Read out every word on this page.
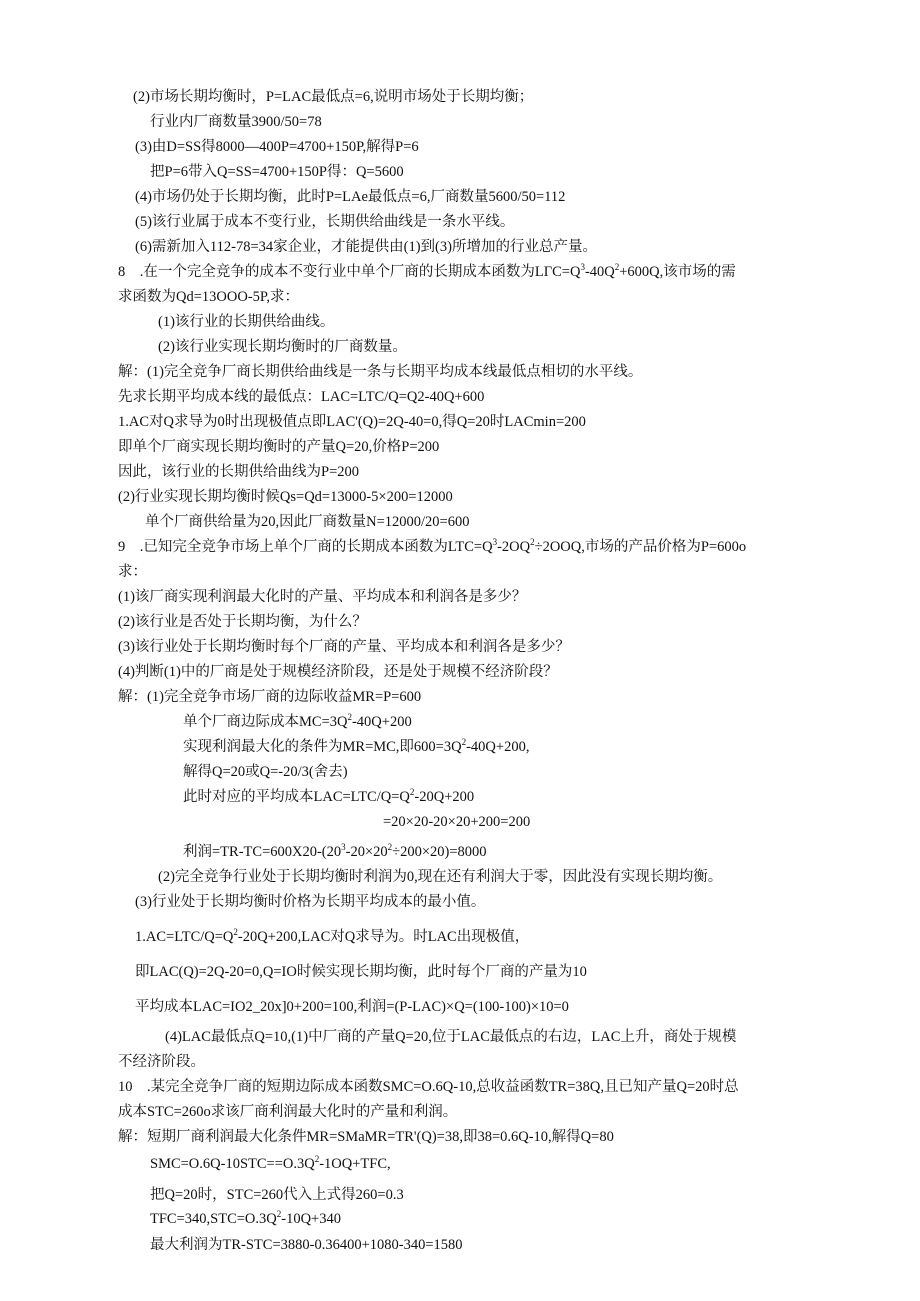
(2)市场长期均衡时，P=LAC最低点=6,说明市场处于长期均衡；
行业内厂商数量3900/50=78
(3)由D=SS得8000—400P=4700+150P,解得P=6
把P=6带入Q=SS=4700+150P得：Q=5600
(4)市场仍处于长期均衡，此时P=LAe最低点=6,厂商数量5600/50=112
(5)该行业属于成本不变行业，长期供给曲线是一条水平线。
(6)需新加入112-78=34家企业，才能提供由(1)到(3)所增加的行业总产量。
8　.在一个完全竞争的成本不变行业中单个厂商的长期成本函数为$L\Gamma C=Q^3-40Q^2+600Q$,该市场的需
求函数为Qd=13OOO-5P,求：
(1)该行业的长期供给曲线。
(2)该行业实现长期均衡时的厂商数量。
解：(1)完全竞争厂商长期供给曲线是一条与长期平均成本线最低点相切的水平线。
先求长期平均成本线的最低点：LAC=LTC/Q=Q2-40Q+600
1.AC对Q求导为0时出现极值点即LAC'(Q)=2Q-40=0,得Q=20时LACmin=200
即单个厂商实现长期均衡时的产量Q=20,价格P=200
因此，该行业的长期供给曲线为P=200
(2)行业实现长期均衡时候Qs=Qd=13000-5×200=12000
单个厂商供给量为20,因此厂商数量N=12000/20=600
9　.已知完全竞争市场上单个厂商的长期成本函数为$LTC=Q^3-2OQ^2\div 2OOQ$,市场的产品价格为P=600o
求：
(1)该厂商实现利润最大化时的产量、平均成本和利润各是多少？
(2)该行业是否处于长期均衡，为什么？
(3)该行业处于长期均衡时每个厂商的产量、平均成本和利润各是多少？
(4)判断(1)中的厂商是处于规模经济阶段，还是处于规模不经济阶段？
解：(1)完全竞争市场厂商的边际收益MR=P=600
单个厂商边际成本$MC=3Q^2-40Q+200$
实现利润最大化的条件为MR=MC,即$600=3Q^2-40Q+200$,
解得Q=20或Q=-20/3(舍去)
此时对应的平均成本$LAC=LTC/Q=Q^2-20Q+200$
=20×20-20×20+200=200
利润$=TR-TC=600X20-(20^3-20\times 20^2\div 200\times 20)=8000$
(2)完全竞争行业处于长期均衡时利润为0,现在还有利润大于零，因此没有实现长期均衡。
(3)行业处于长期均衡时价格为长期平均成本的最小值。
$1.AC=LTC/Q=Q^2-20Q+200,LAC$对Q求导为。时LAC出现极值，
即LAC(Q)=2Q-20=0,Q=IO时候实现长期均衡，此时每个厂商的产量为10
平均成本LAC=IO2_20x]0+200=100,利润=(P-LAC)×Q=(100-100)×10=0
(4)LAC最低点Q=10,(1)中厂商的产量Q=20,位于LAC最低点的右边，LAC上升，商处于规模
不经济阶段。
10　.某完全竞争厂商的短期边际成本函数SMC=O.6Q-10,总收益函数TR=38Q,且已知产量Q=20时总
成本STC=260o求该厂商利润最大化时的产量和利润。
解：短期厂商利润最大化条件MR=SMaMR=TR'(Q)=38,即38=0.6Q-10,解得Q=80
$SMC=O.6Q-10STC==O.3Q^2-1OQ+TFC$,
把Q=20时，STC=260代入上式得260=0.3
$TFC=340,STC=O.3Q^2-10Q+340$
最大利润为TR-STC=3880-0.36400+1080-340=1580
